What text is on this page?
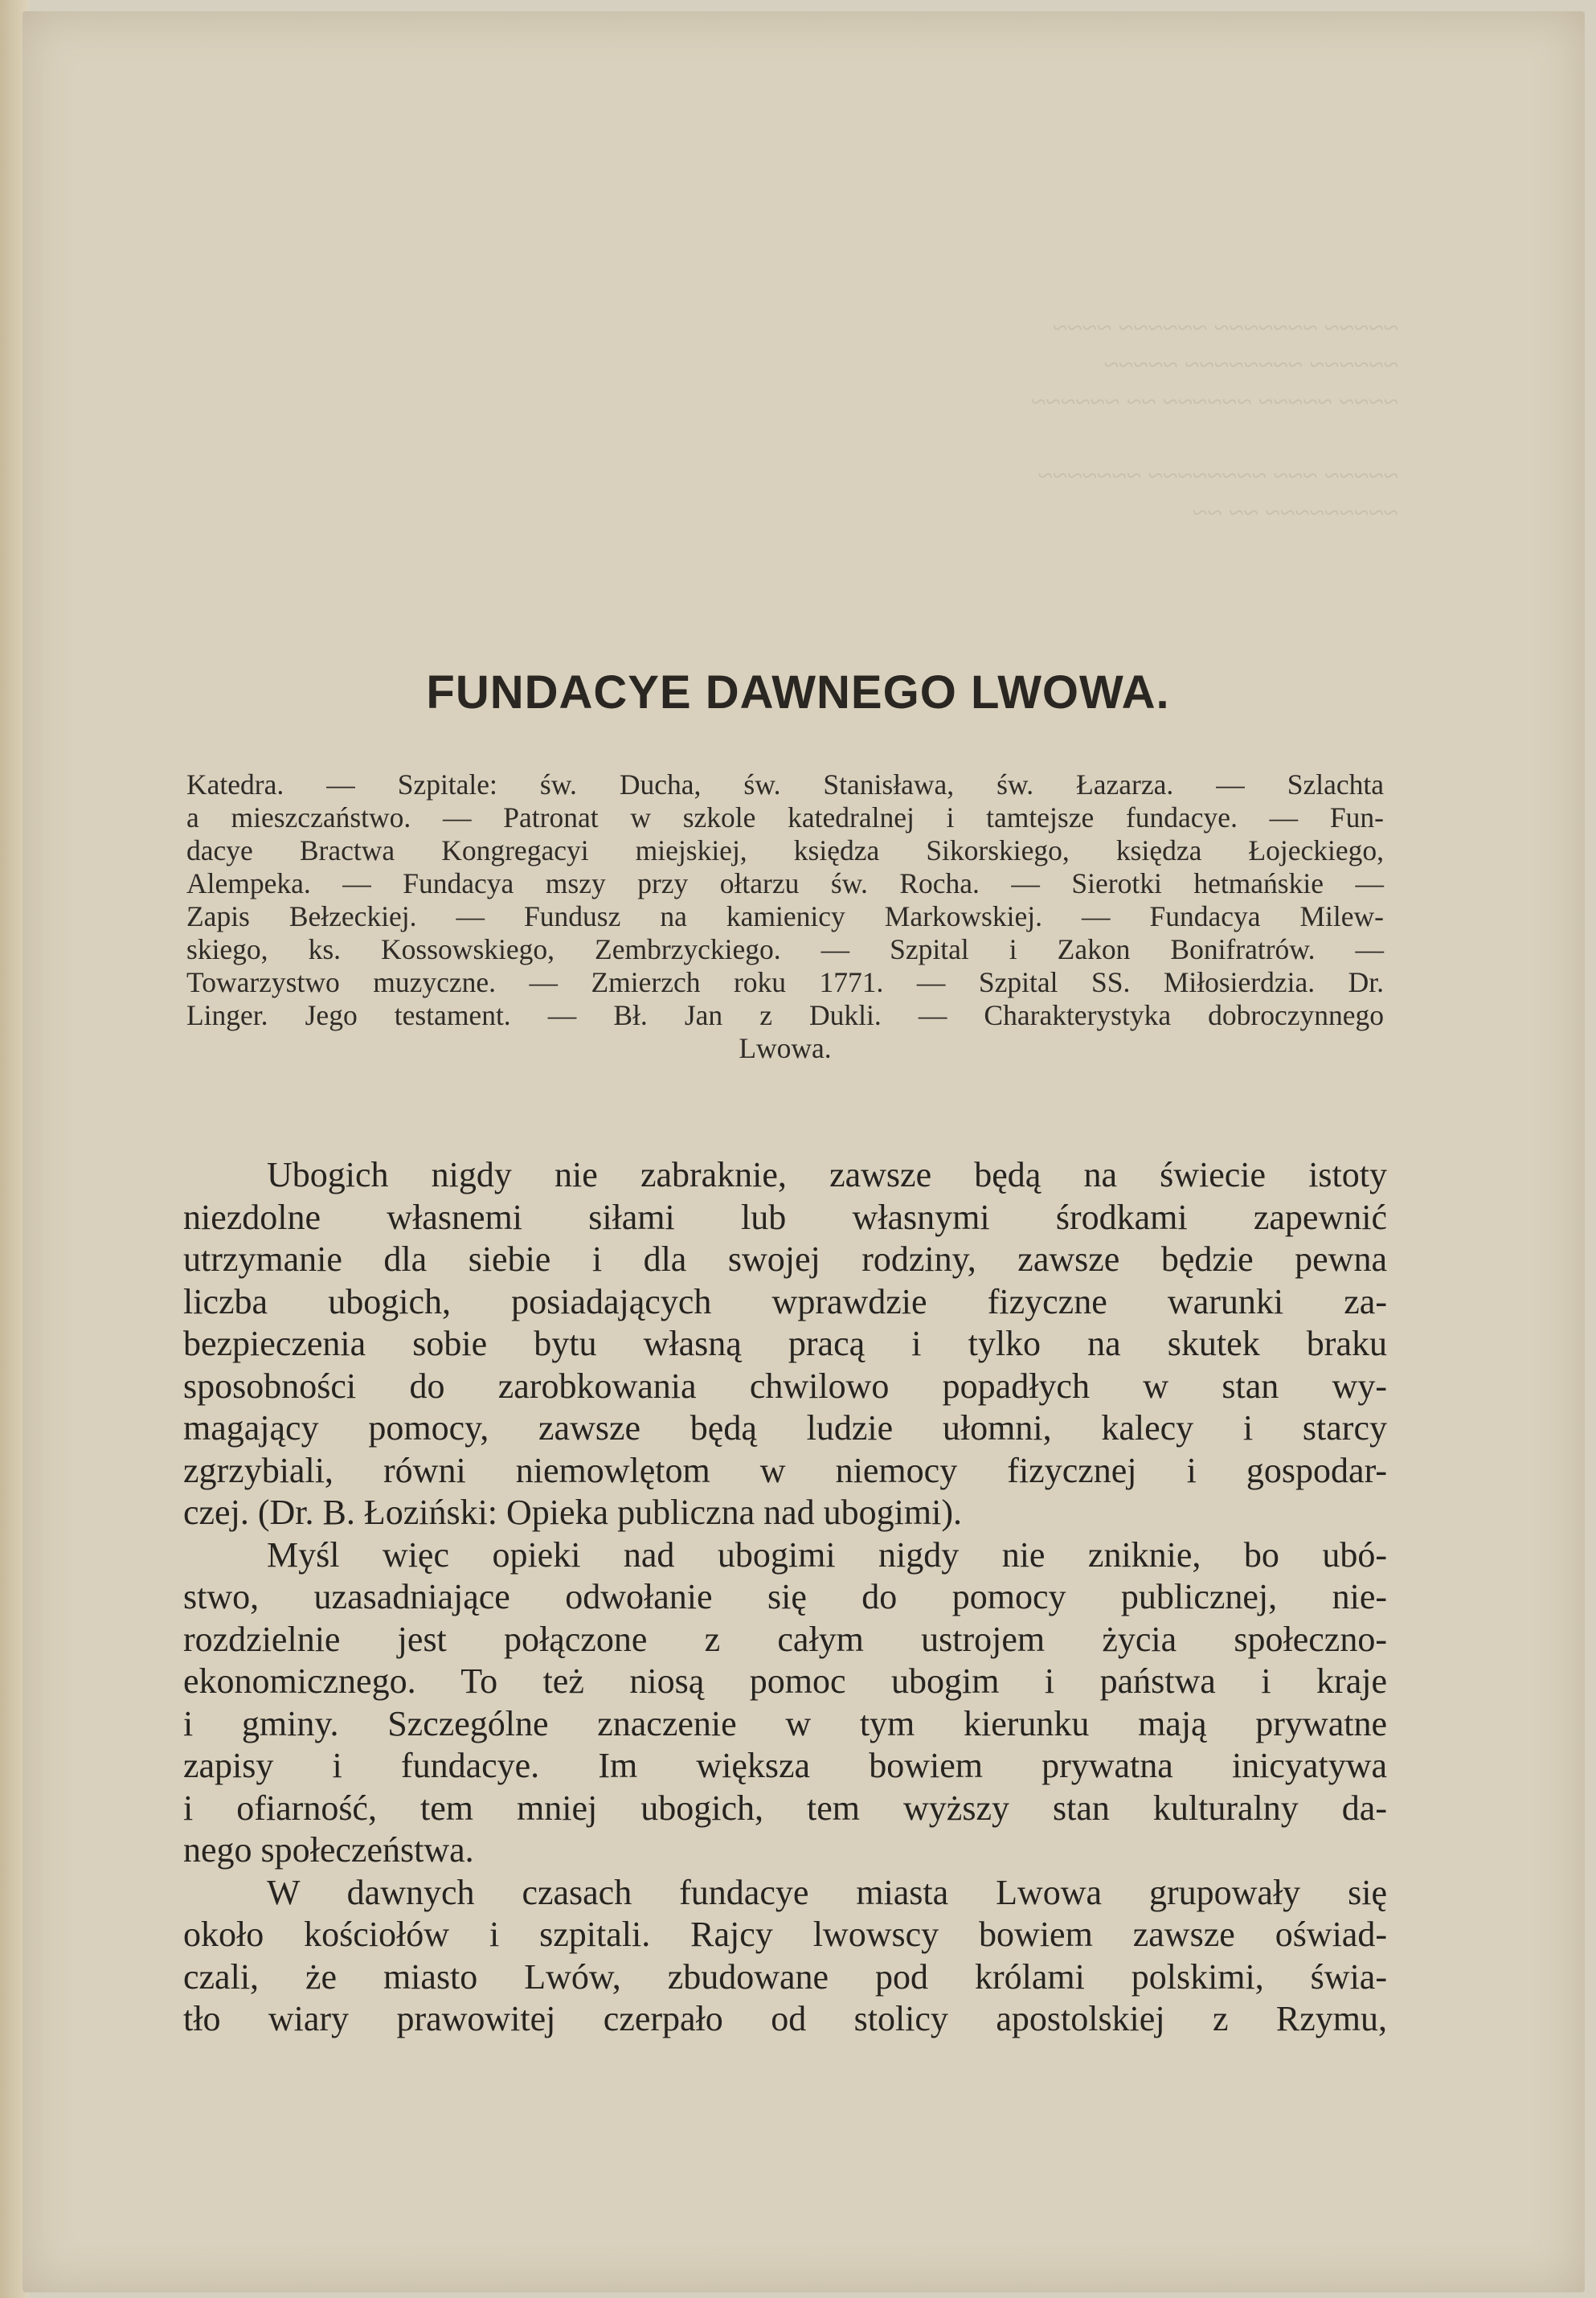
~~~~~ ~~~~~~~ ~~~~~~ ~~~~
~~~~~~ ~~~~~~~~ ~~~~~
~~~~ ~~~~~ ~~~~~~ ~~ ~~~~~~

~~~~~ ~~~ ~~~~~~~~ ~~~~~~~
~~~~~~~~~ ~~ ~~

FUNDACYE DAWNEGO LWOWA.
Katedra. — Szpitale: św. Ducha, św. Stanisława, św. Łazarza. — Szlachta
a mieszczaństwo. — Patronat w szkole katedralnej i tamtejsze fundacye. — Fun-
dacye Bractwa Kongregacyi miejskiej, księdza Sikorskiego, księdza Łojeckiego,
Alempeka. — Fundacya mszy przy ołtarzu św. Rocha. — Sierotki hetmańskie —
Zapis Bełzeckiej. — Fundusz na kamienicy Markowskiej. — Fundacya Milew-
skiego, ks. Kossowskiego, Zembrzyckiego. — Szpital i Zakon Bonifratrów. —
Towarzystwo muzyczne. — Zmierzch roku 1771. — Szpital SS. Miłosierdzia. Dr.
Linger. Jego testament. — Bł. Jan z Dukli. — Charakterystyka dobroczynnego
Lwowa.
Ubogich nigdy nie zabraknie, zawsze będą na świecie istoty
niezdolne własnemi siłami lub własnymi środkami zapewnić
utrzymanie dla siebie i dla swojej rodziny, zawsze będzie pewna
liczba ubogich, posiadających wprawdzie fizyczne warunki za-
bezpieczenia sobie bytu własną pracą i tylko na skutek braku
sposobności do zarobkowania chwilowo popadłych w stan wy-
magający pomocy, zawsze będą ludzie ułomni, kalecy i starcy
zgrzybiali, równi niemowlętom w niemocy fizycznej i gospodar-
czej. (Dr. B. Łoziński: Opieka publiczna nad ubogimi).
Myśl więc opieki nad ubogimi nigdy nie zniknie, bo ubó-
stwo, uzasadniające odwołanie się do pomocy publicznej, nie-
rozdzielnie jest połączone z całym ustrojem życia społeczno-
ekonomicznego. To też niosą pomoc ubogim i państwa i kraje
i gminy. Szczególne znaczenie w tym kierunku mają prywatne
zapisy i fundacye. Im większa bowiem prywatna inicyatywa
i ofiarność, tem mniej ubogich, tem wyższy stan kulturalny da-
nego społeczeństwa.
W dawnych czasach fundacye miasta Lwowa grupowały się
około kościołów i szpitali. Rajcy lwowscy bowiem zawsze oświad-
czali, że miasto Lwów, zbudowane pod królami polskimi, świa-
tło wiary prawowitej czerpało od stolicy apostolskiej z Rzymu,
